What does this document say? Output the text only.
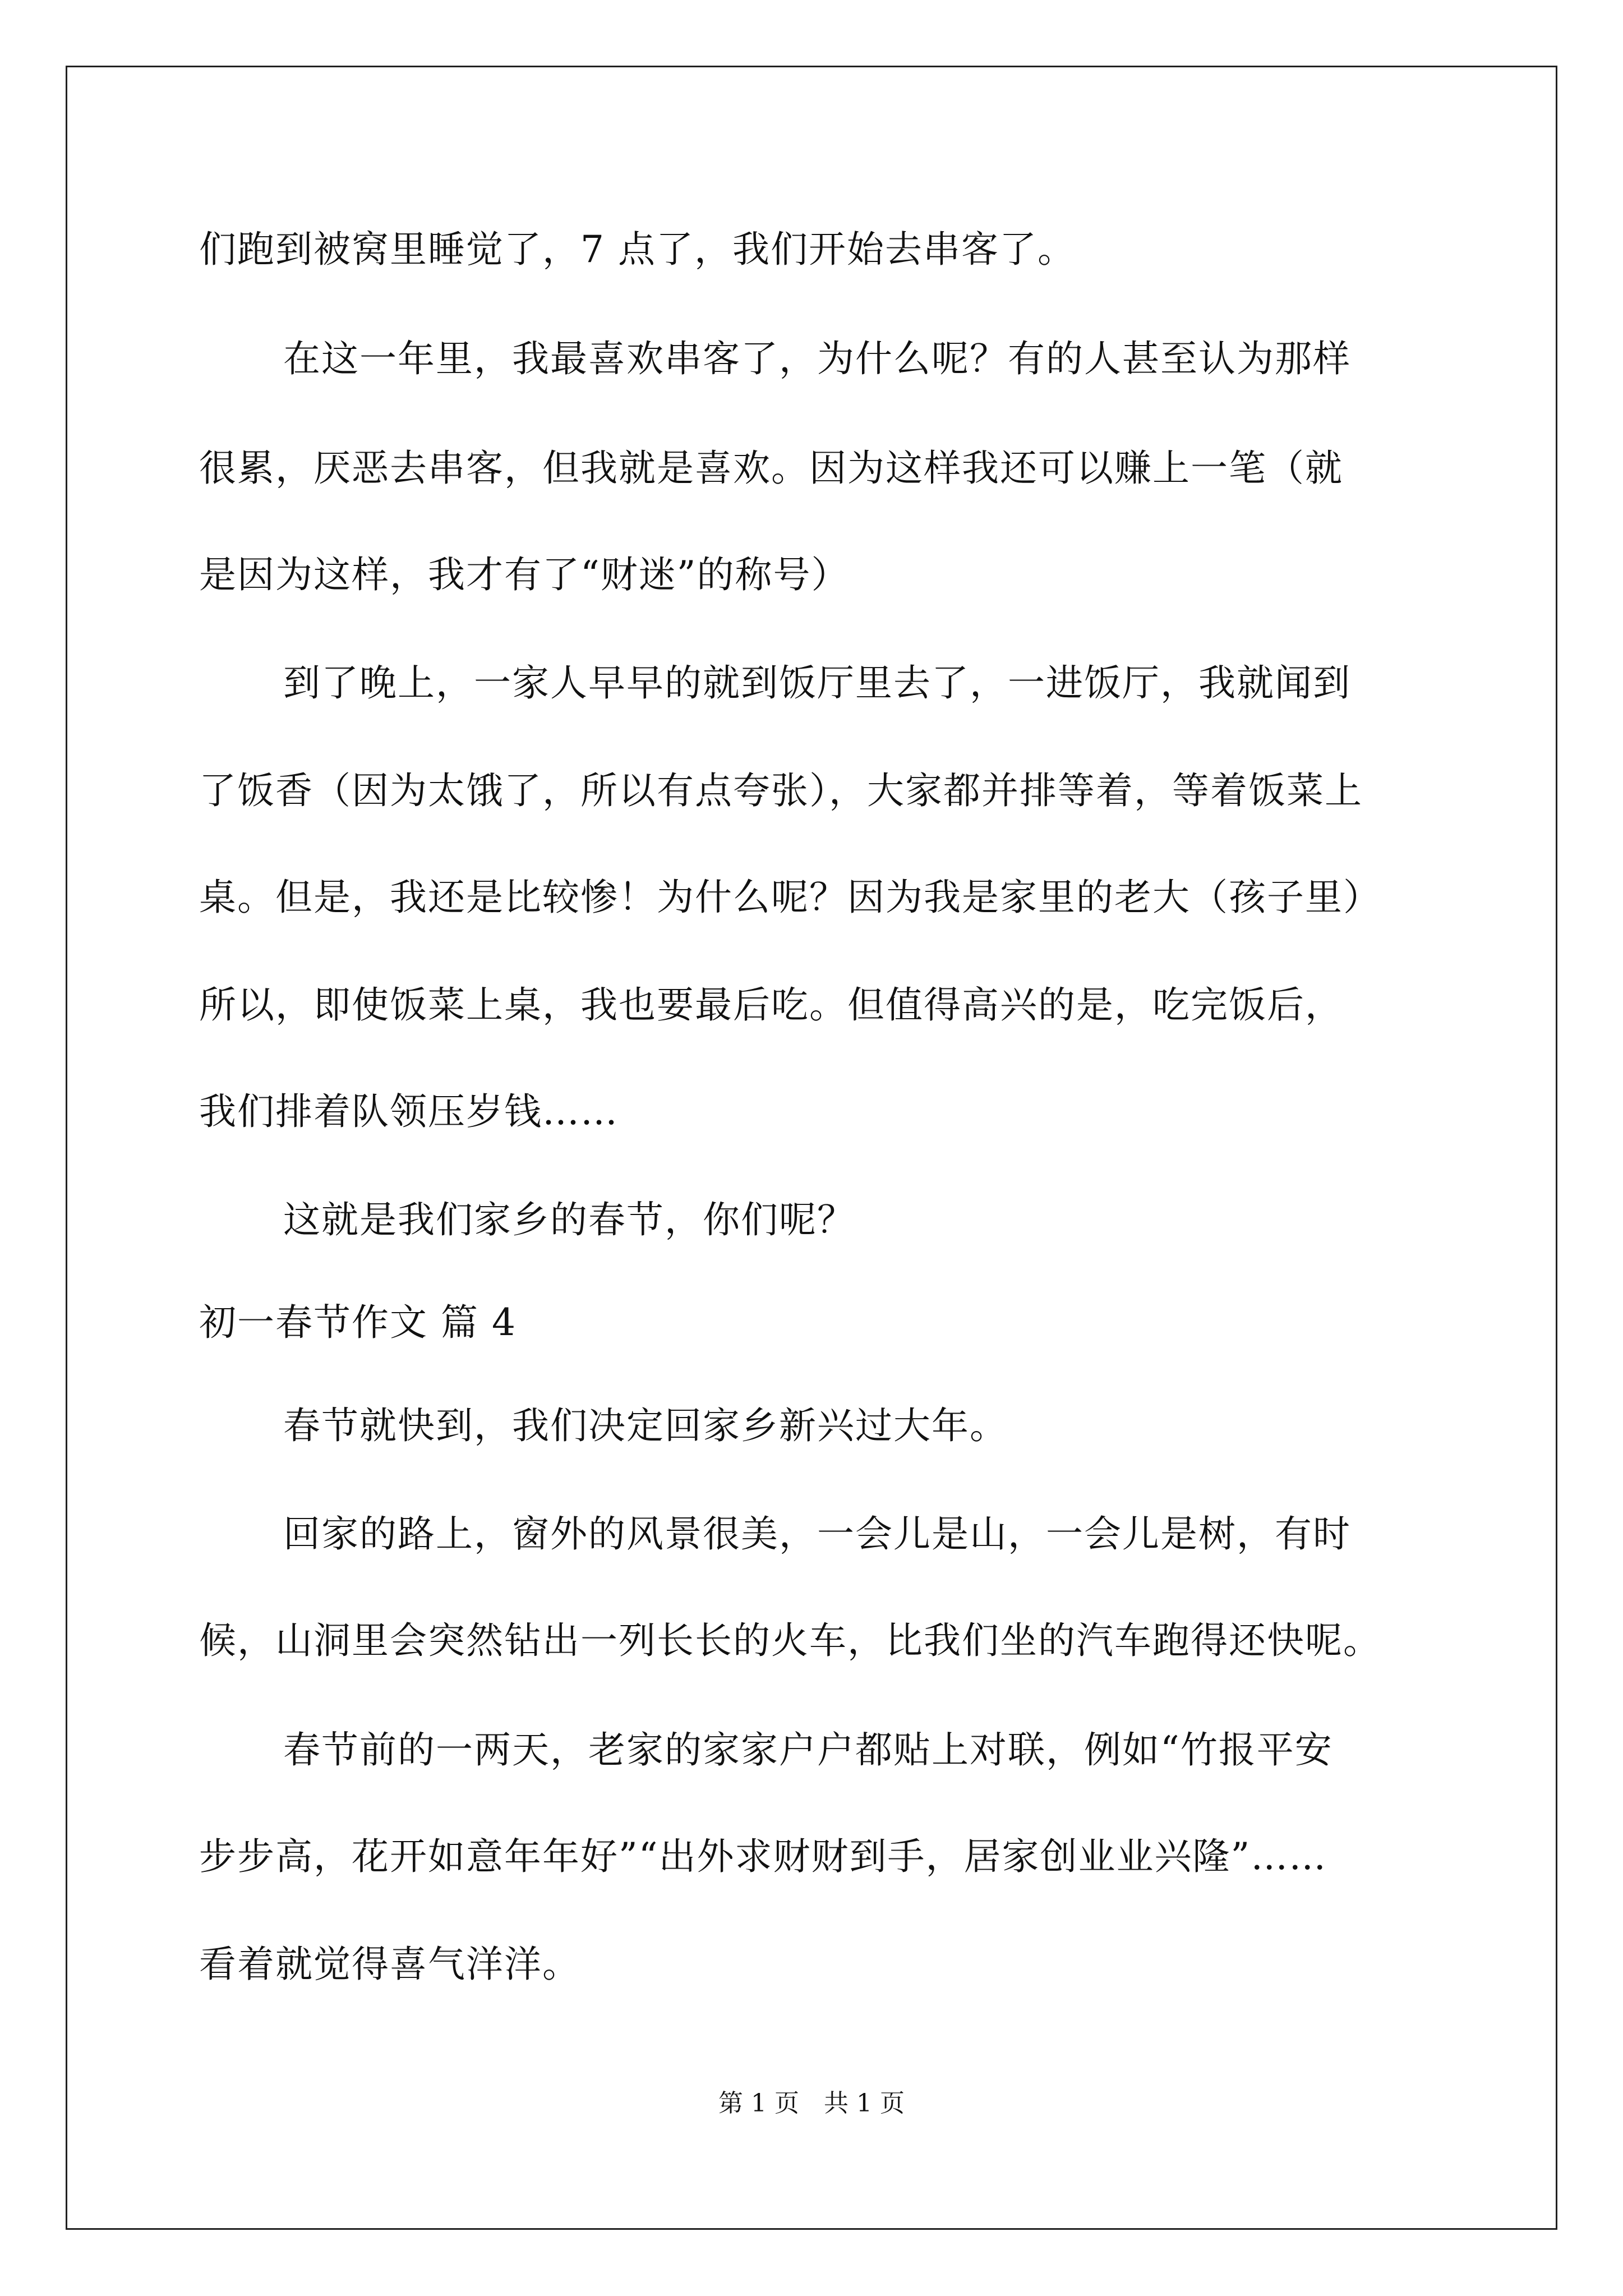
们跑到被窝里睡觉了，7 点了，我们开始去串客了。
在这一年里，我最喜欢串客了，为什么呢？有的人甚至认为那样
很累，厌恶去串客，但我就是喜欢。因为这样我还可以赚上一笔（就
是因为这样，我才有了“财迷”的称号）
到了晚上，一家人早早的就到饭厅里去了，一进饭厅，我就闻到
了饭香（因为太饿了，所以有点夸张），大家都并排等着，等着饭菜上
桌。但是，我还是比较惨！为什么呢？因为我是家里的老大（孩子里）
所以，即使饭菜上桌，我也要最后吃。但值得高兴的是，吃完饭后，
我们排着队领压岁钱……
这就是我们家乡的春节，你们呢？
初一春节作文 篇 4
春节就快到，我们决定回家乡新兴过大年。
回家的路上，窗外的风景很美，一会儿是山，一会儿是树，有时
候，山洞里会突然钻出一列长长的火车，比我们坐的汽车跑得还快呢。
春节前的一两天，老家的家家户户都贴上对联，例如“竹报平安
步步高，花开如意年年好”“出外求财财到手，居家创业业兴隆”……
看着就觉得喜气洋洋。
第 1 页　共 1 页
